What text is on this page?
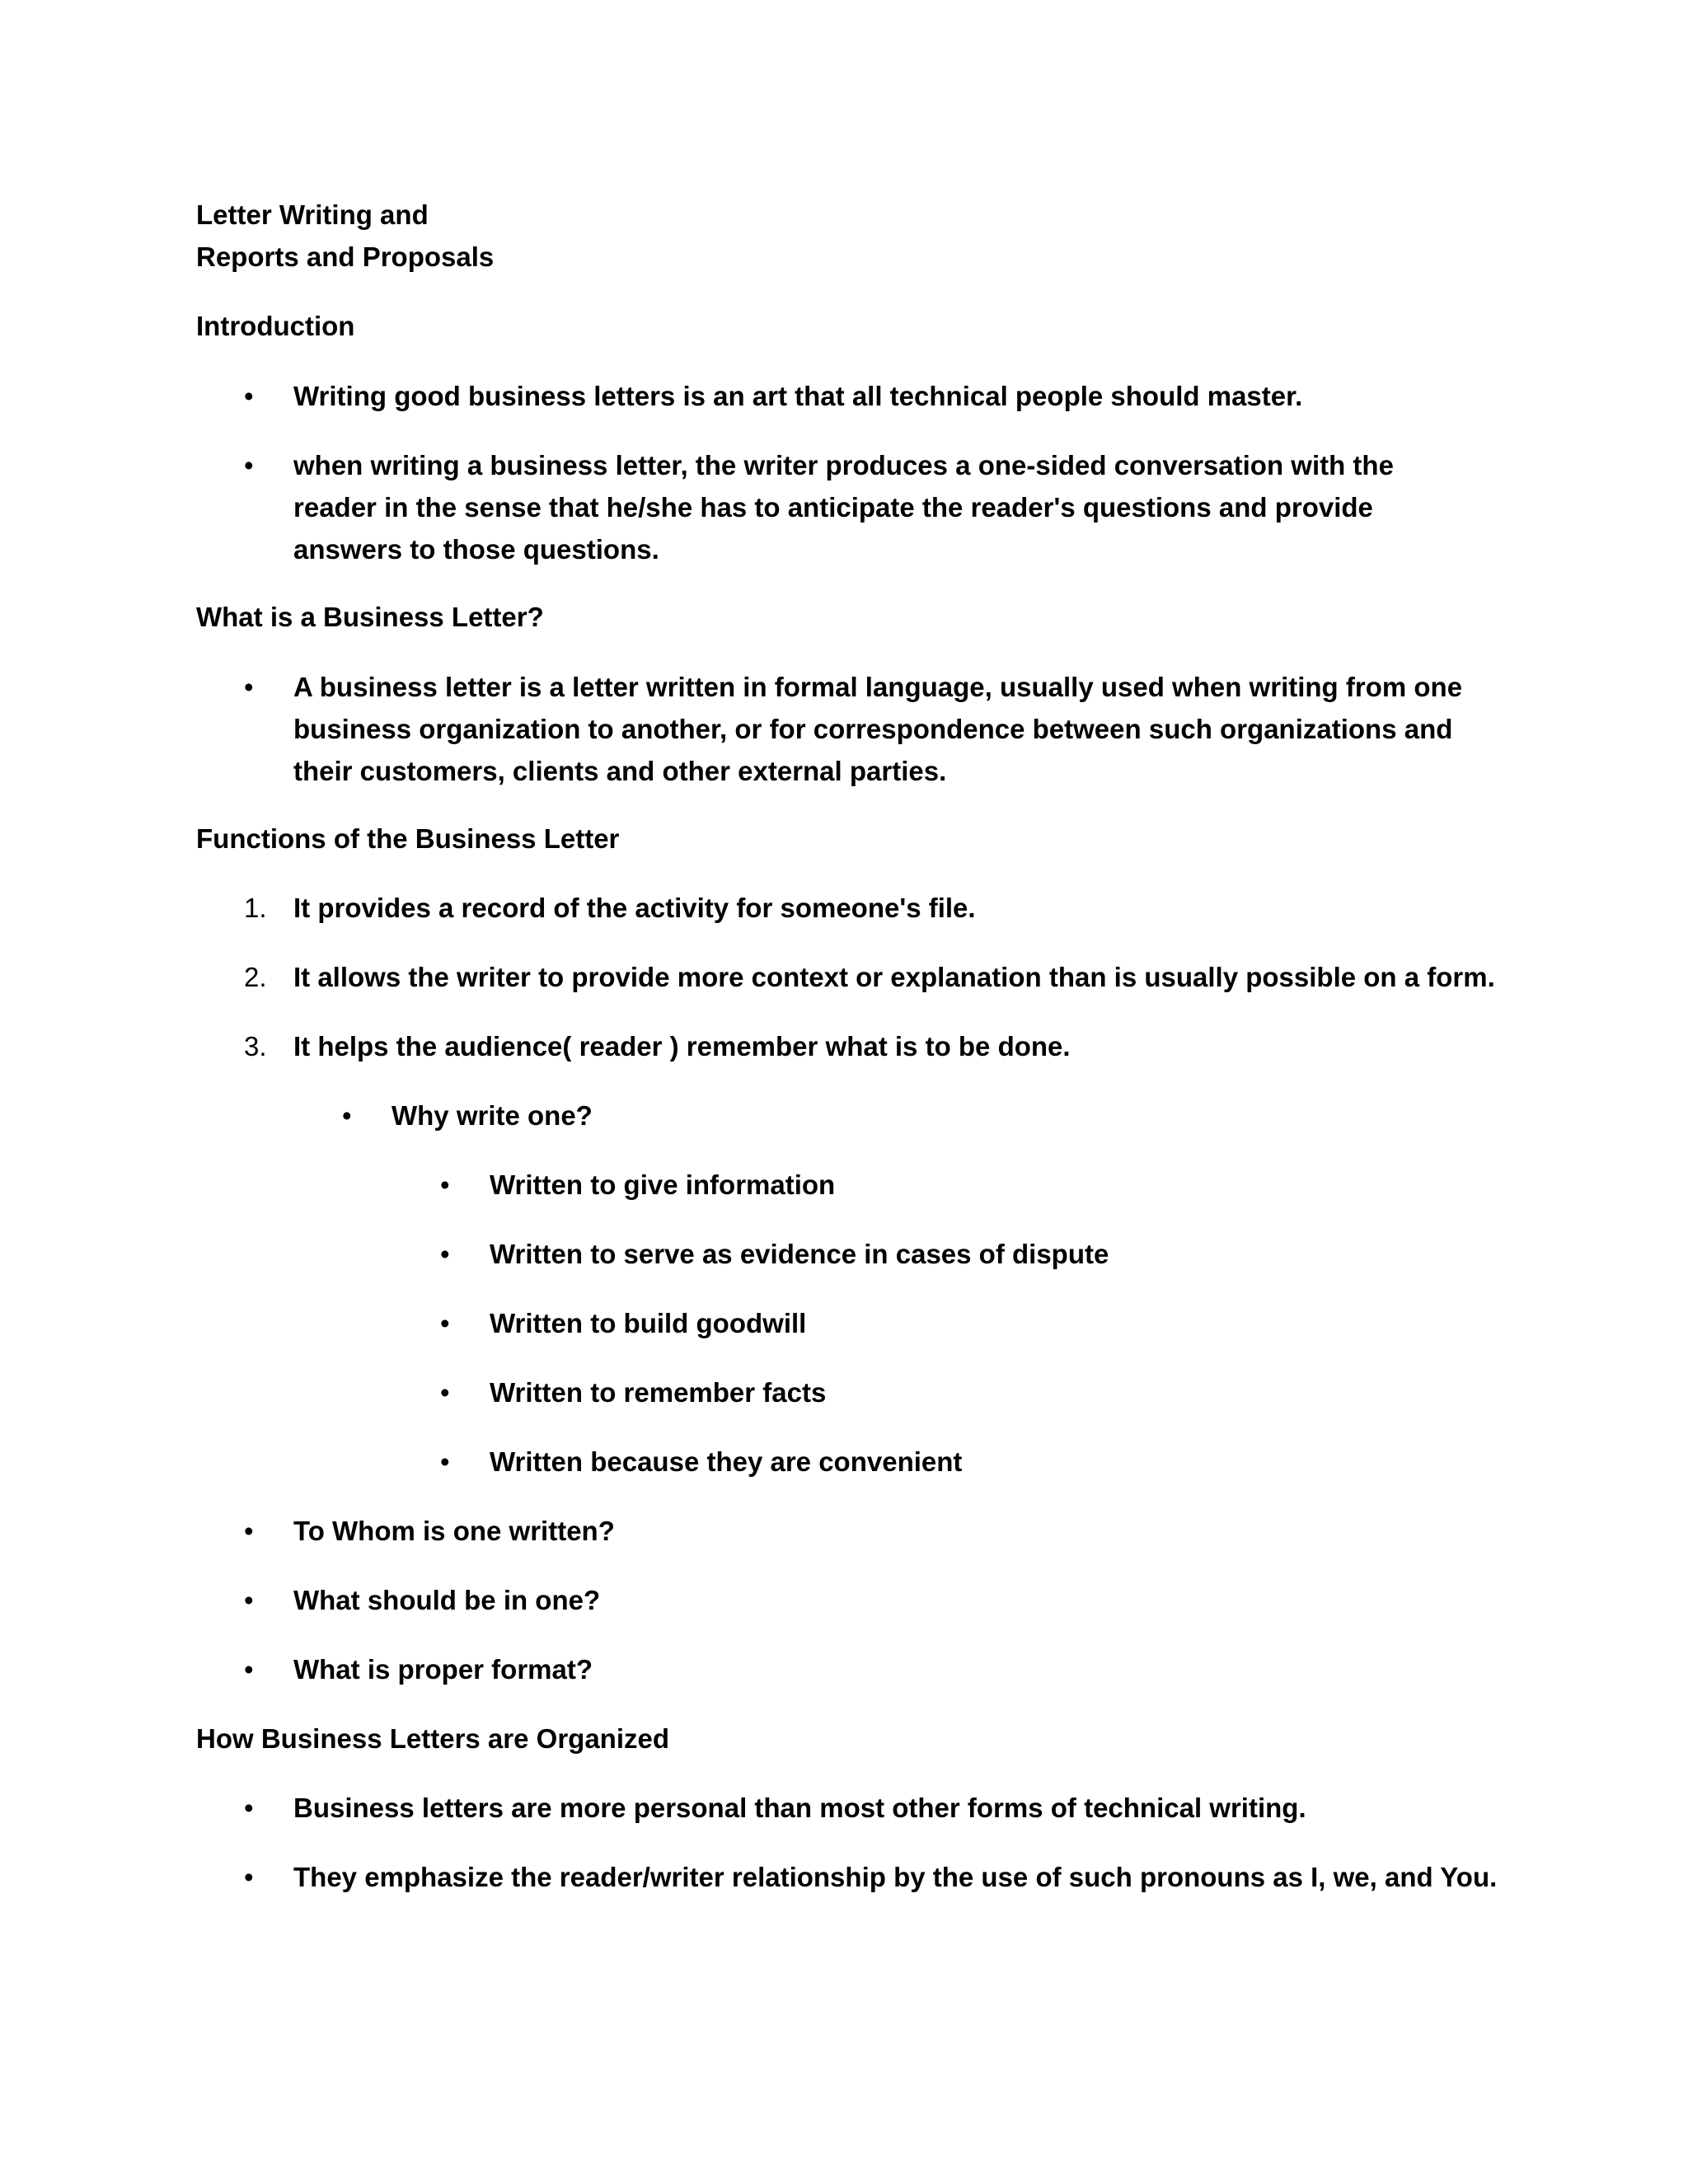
Letter Writing and
Reports and Proposals
Introduction
• Writing good business letters is an art that all technical people should master.
• when writing a business letter, the writer produces a one-sided conversation with the reader in the sense that he/she has to anticipate the reader's questions and provide answers to those questions.
What is a Business Letter?
• A business letter is a letter written in formal language, usually used when writing from one business organization to another, or for correspondence between such organizations and their customers, clients and other external parties.
Functions of the Business Letter
1. It provides a record of the activity for someone's file.
2. It allows the writer to provide more context or explanation than is usually possible on a form.
3. It helps the audience( reader ) remember what is to be done.
• Why write one?
• Written to give information
• Written to serve as evidence in cases of dispute
• Written to build goodwill
• Written to remember facts
• Written because they are convenient
• To Whom is one written?
• What should be in one?
• What is proper format?
How Business Letters are Organized
• Business letters are more personal than most other forms of technical writing.
• They emphasize the reader/writer relationship by the use of such pronouns as I, we, and You.
